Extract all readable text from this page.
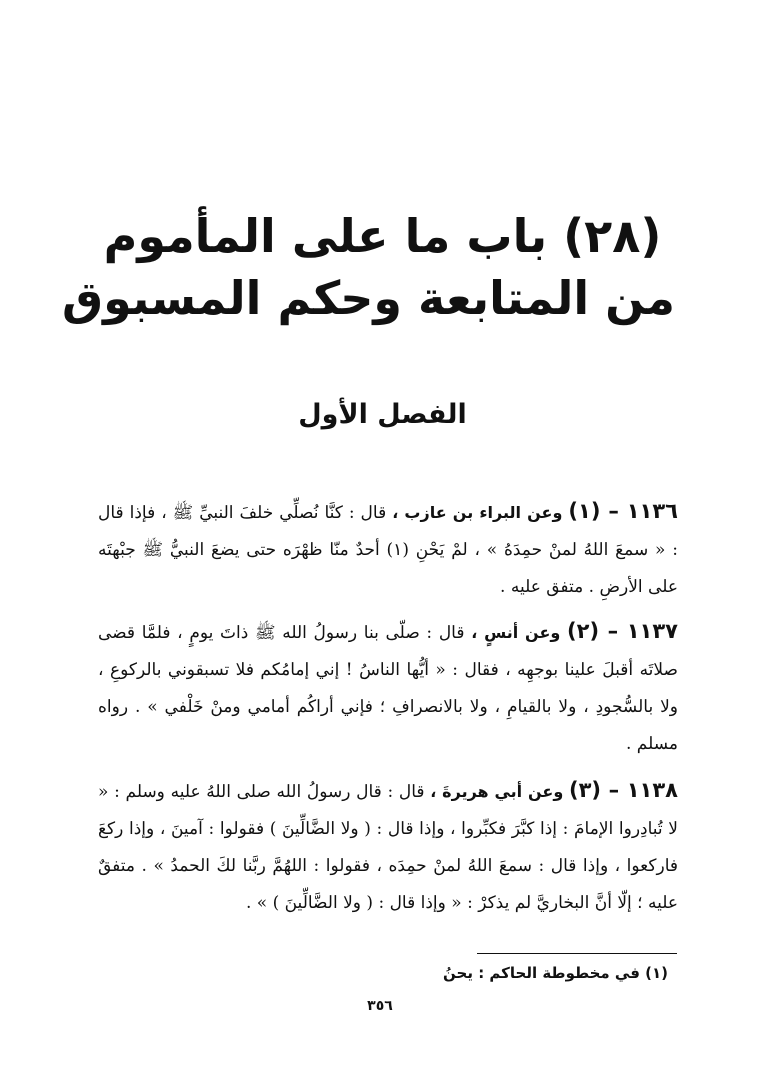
(٢٨) باب ما على المأموم
من المتابعة وحكم المسبوق
الفصل الأول

١١٣٦ – (١) وعن البراء بن عازب ، قال : كنَّا نُصلِّي خلفَ النبيِّ ﷺ ، فإذا قال : « سمعَ اللهُ لمنْ حمِدَهُ » ، لمْ يَحْنِ (١) أحدٌ منّا ظهْرَه حتى يضعَ النبيُّ ﷺ جبْهتَه على الأرضِ . متفق عليه .

١١٣٧ – (٢) وعن أنسٍ ، قال : صلّى بنا رسولُ الله ﷺ ذاتَ يومٍ ، فلمَّا قضى صلاتَه أقبلَ علينا بوجهِه ، فقال : « أيُّها الناسُ ! إني إمامُكم فلا تسبقوني بالركوعِ ، ولا بالسُّجودِ ، ولا بالقيامِ ، ولا بالانصرافِ ؛ فإني أراكُم أمامي ومنْ خَلْفي » . رواه مسلم .

١١٣٨ – (٣) وعن أبي هريرةَ ، قال : قال رسولُ الله صلى اللهُ عليه وسلم : « لا تُبادِروا الإمامَ : إذا كبَّرَ فكبِّروا ، وإذا قال : ( ولا الضَّالِّينَ ) فقولوا : آمينَ ، وإذا ركعَ فاركعوا ، وإذا قال : سمعَ اللهُ لمنْ حمِدَه ، فقولوا : اللهُمَّ ربَّنا لكَ الحمدُ » . متفقٌ عليه ؛ إلّا أنَّ البخاريَّ لم يذكرْ : « وإذا قال : ( ولا الضَّالِّينَ ) » .

(١) في مخطوطة الحاكم : يحنُ
٣٥٦
